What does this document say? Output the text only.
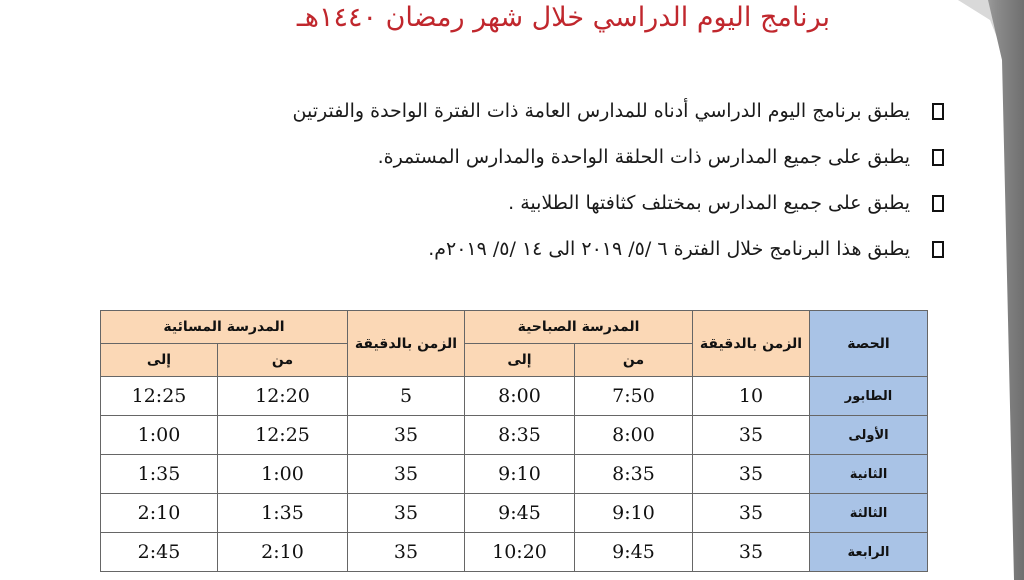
برنامج اليوم الدراسي خلال شهر رمضان ١٤٤٠هـ
يطبق برنامج اليوم الدراسي أدناه للمدارس العامة ذات الفترة الواحدة والفترتين
يطبق على جميع المدارس ذات الحلقة الواحدة والمدارس المستمرة.
يطبق على جميع المدارس بمختلف كثافتها الطلابية .
يطبق هذا البرنامج خلال الفترة ٦ /٥/ ٢٠١٩ الى ١٤ /٥/ ٢٠١٩م.
الحصة	الزمن بالدقيقة	المدرسة الصباحية		الزمن بالدقيقة	المدرسة المسائية	
		من	إلى		من	إلى
الطابور	10	7:50	8:00	5	12:20	12:25
الأولى	35	8:00	8:35	35	12:25	1:00
الثانية	35	8:35	9:10	35	1:00	1:35
الثالثة	35	9:10	9:45	35	1:35	2:10
الرابعة	35	9:45	10:20	35	2:10	2:45
